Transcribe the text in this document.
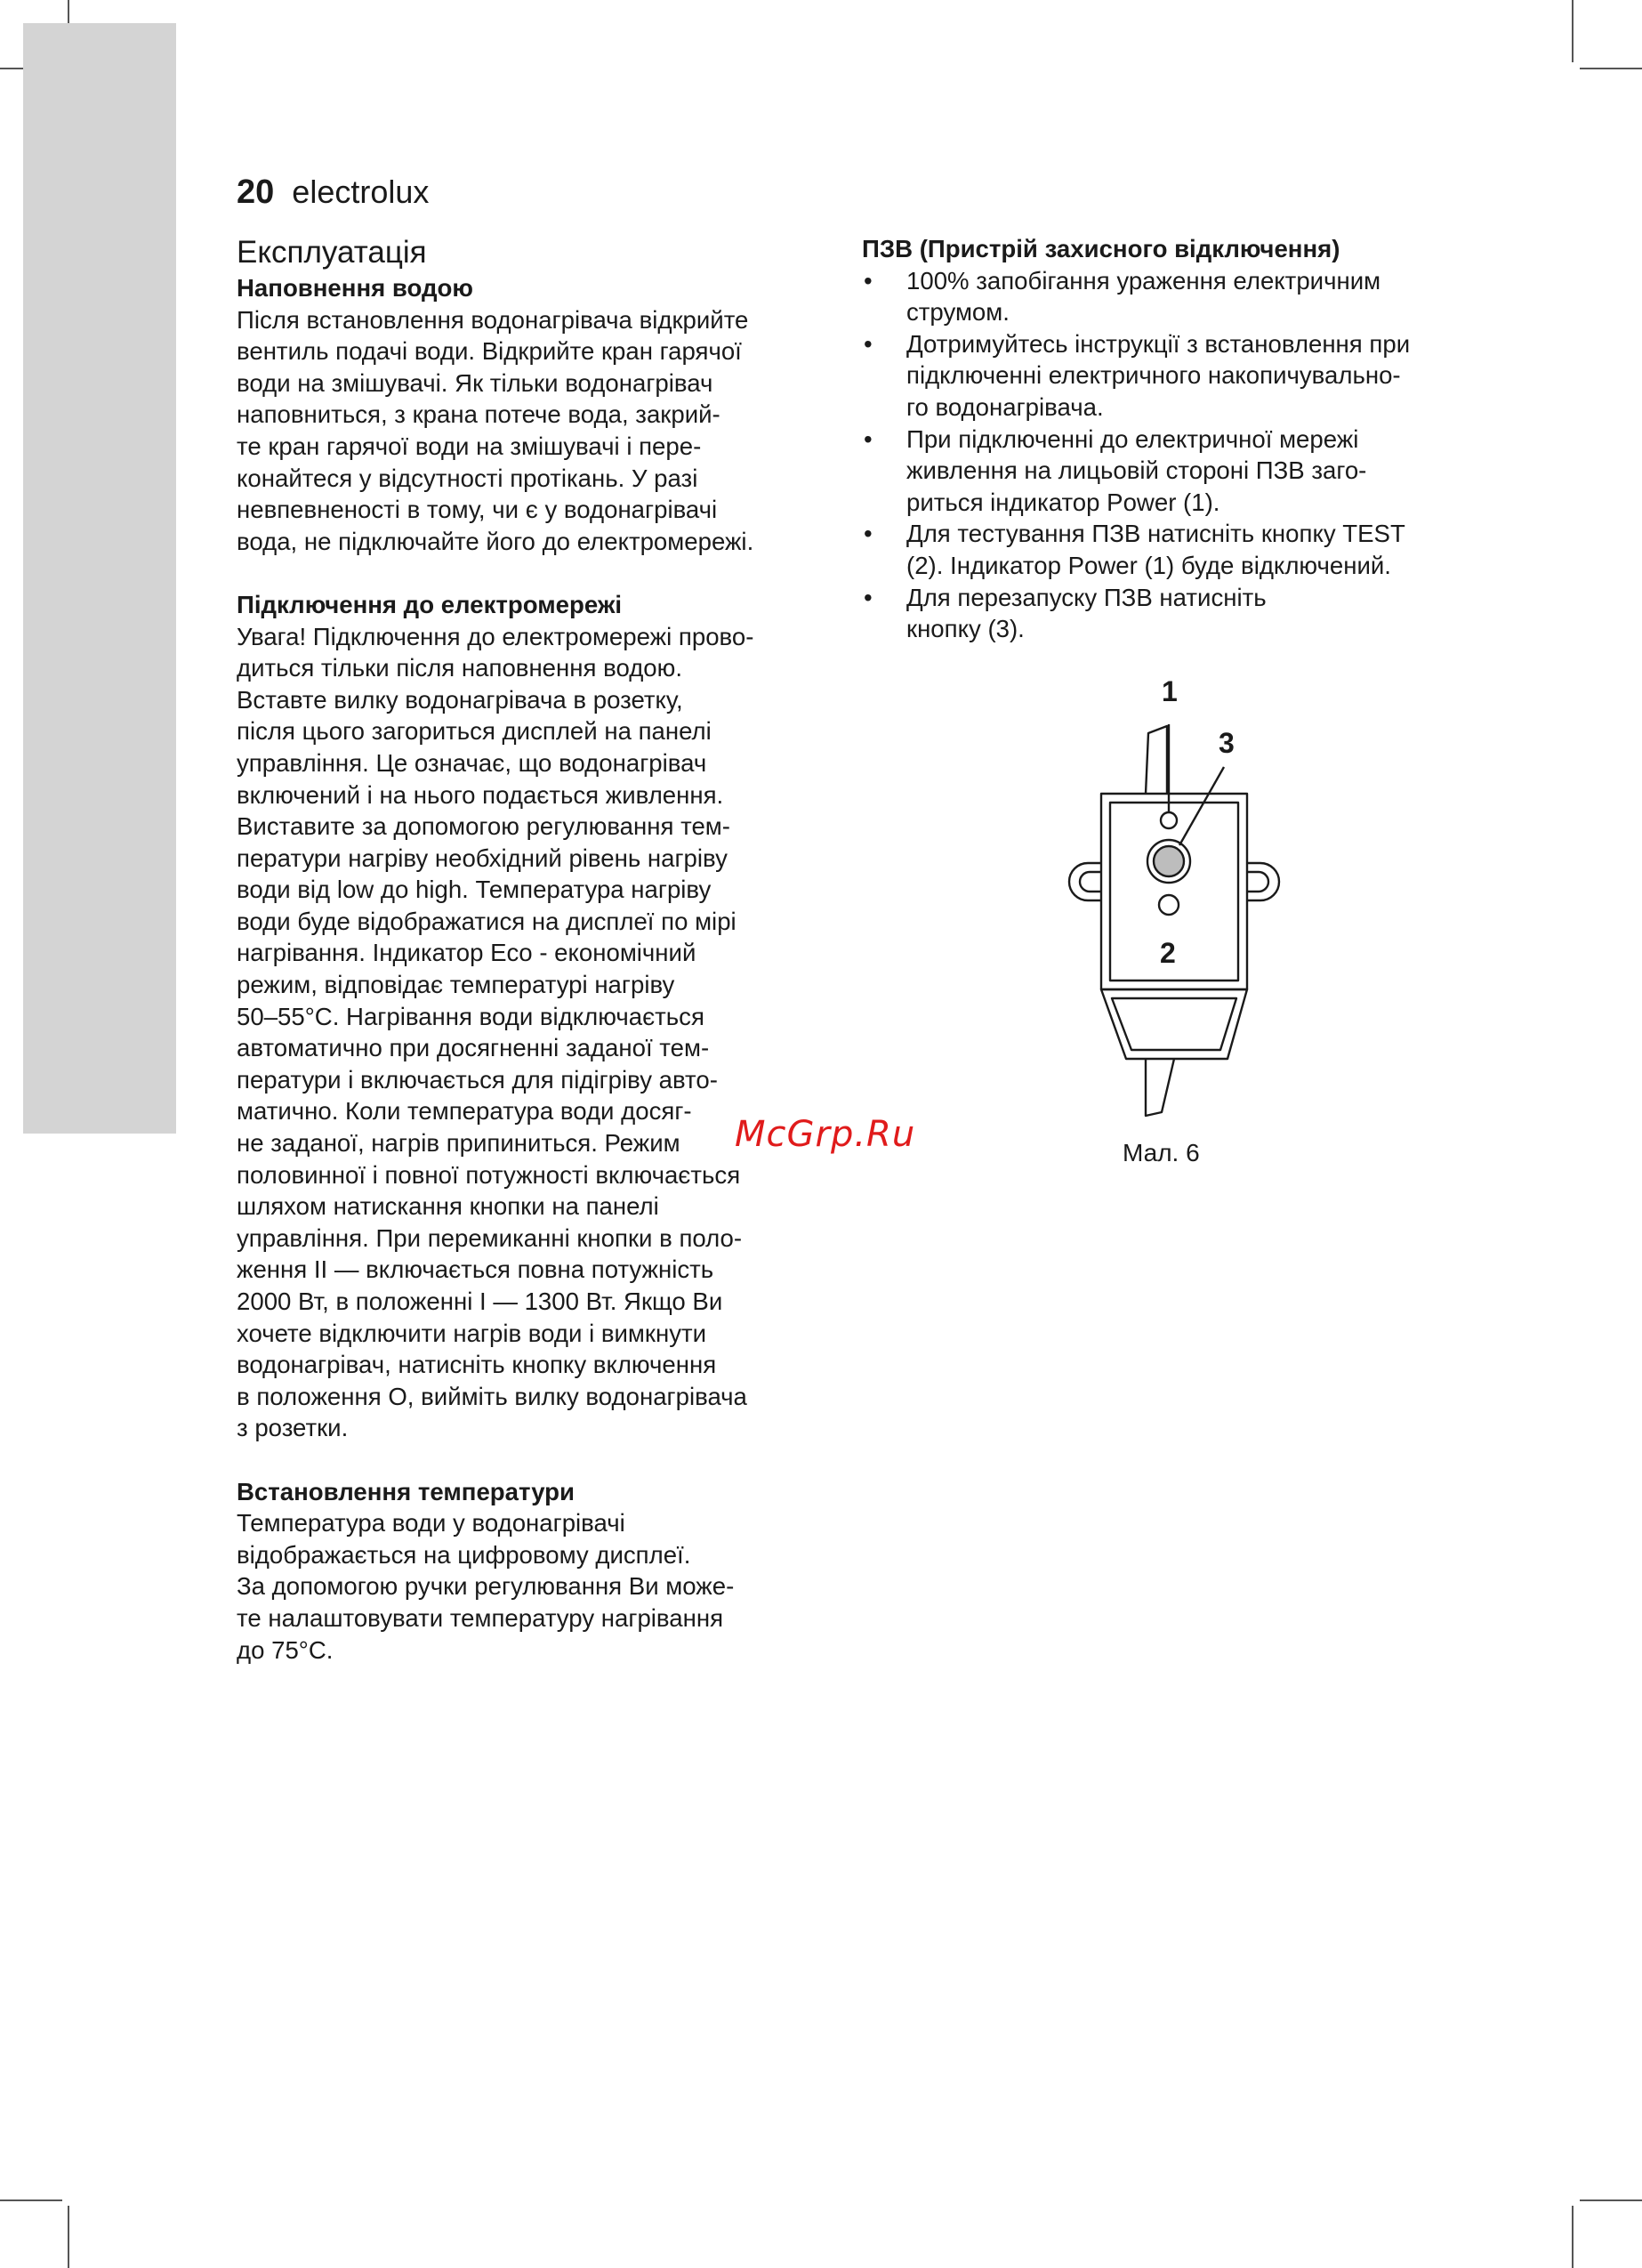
20 electrolux
Експлуатація

Наповнення водою

Після встановлення водонагрівача відкрийте

вентиль подачі води. Відкрийте кран гарячої

води на змішувачі. Як тільки водонагрівач

наповниться, з крана потече вода, закрий-

те кран гарячої води на змішувачі і пере-

конайтеся у відсутності протікань. У разі

невпевненості в тому, чи є у водонагрівачі

вода, не підключайте його до електромережі.

Підключення до електромережі

Увага! Підключення до електромережі прово-

диться тільки після наповнення водою.

Вставте вилку водонагрівача в розетку,

після цього загориться дисплей на панелі

управління. Це означає, що водонагрівач

включений і на нього подається живлення.

Виставите за допомогою регулювання тем-

ператури нагріву необхідний рівень нагріву

води від low до high. Температура нагріву

води буде відображатися на дисплеї по мірі

нагрівання. Індикатор Eco - економічний

режим, відповідає температурі нагріву

50–55°C. Нагрівання води відключається

автоматично при досягненні заданої тем-

ператури і включається для підігріву авто-

матично. Коли температура води досяг-

не заданої, нагрів припиниться. Режим

половинної і повної потужності включається

шляхом натискання кнопки на панелі

управління. При перемиканні кнопки в поло-

ження II — включається повна потужність

2000 Вт, в положенні I — 1300 Вт. Якщо Ви

хочете відключити нагрів води і вимкнути

водонагрівач, натисніть кнопку включення

в положення O, вийміть вилку водонагрівача

з розетки.

Встановлення температури

Температура води у водонагрівачі

відображається на цифровому дисплеї.

За допомогою ручки регулювання Ви може-

те налаштовувати температуру нагрівання

до 75°C.

ПЗВ (Пристрій захисного відключення)

• 100% запобігання ураження електричним

струмом.

• Дотримуйтесь інструкції з встановлення при

підключенні електричного накопичувально-

го водонагрівача.

• При підключенні до електричної мережі

живлення на лицьовій стороні ПЗВ заго-

риться індикатор Power (1).

• Для тестування ПЗВ натисніть кнопку TEST

(2). Індикатор Power (1) буде відключений.

• Для перезапуску ПЗВ натисніть

кнопку (3).

1
3
2
Мал. 6
McGrp.Ru
